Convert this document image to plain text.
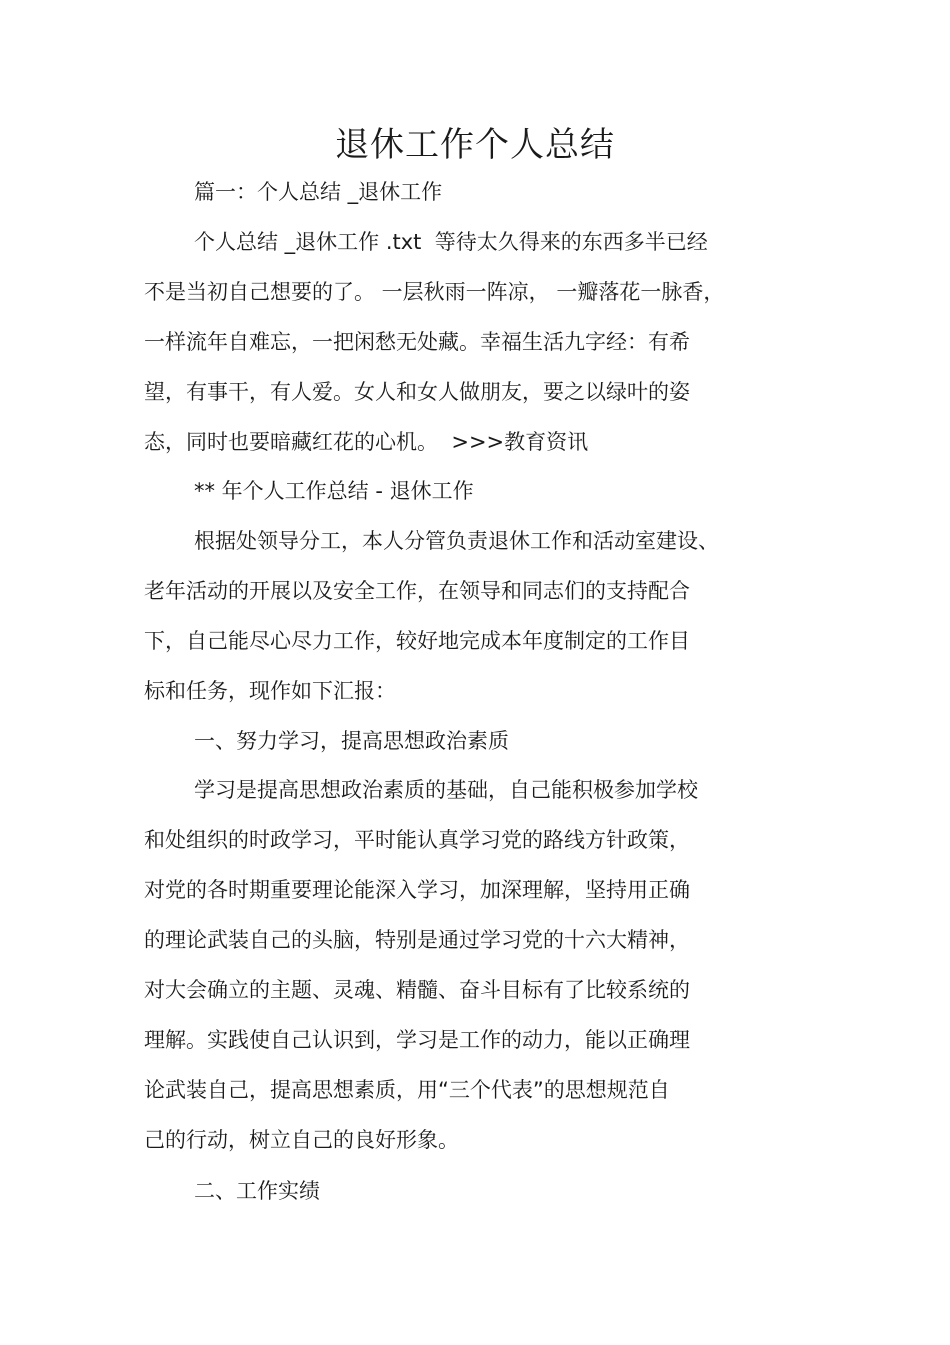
退休工作个人总结

篇一：个人总结 _退休工作

个人总结 _退休工作 .txt  等待太久得来的东西多半已经

不是当初自己想要的了。 一层秋雨一阵凉， 一瓣落花一脉香，

一样流年自难忘，一把闲愁无处藏。幸福生活九字经：有希

望，有事干，有人爱。女人和女人做朋友，要之以绿叶的姿

态，同时也要暗藏红花的心机。  >>>教育资讯

** 年个人工作总结 - 退休工作

根据处领导分工，本人分管负责退休工作和活动室建设、

老年活动的开展以及安全工作，在领导和同志们的支持配合

下，自己能尽心尽力工作，较好地完成本年度制定的工作目

标和任务，现作如下汇报：

一、努力学习，提高思想政治素质

学习是提高思想政治素质的基础，自己能积极参加学校

和处组织的时政学习，平时能认真学习党的路线方针政策，

对党的各时期重要理论能深入学习，加深理解，坚持用正确

的理论武装自己的头脑，特别是通过学习党的十六大精神，

对大会确立的主题、灵魂、精髓、奋斗目标有了比较系统的

理解。实践使自己认识到，学习是工作的动力，能以正确理

论武装自己，提高思想素质，用“三个代表”的思想规范自

己的行动，树立自己的良好形象。

二、工作实绩
